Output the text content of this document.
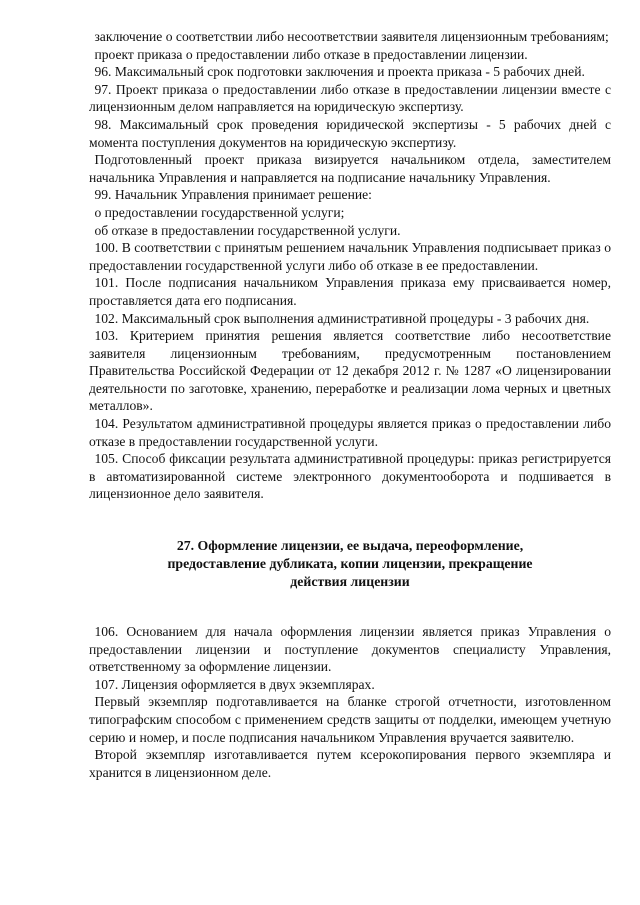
заключение о соответствии либо несоответствии заявителя лицензионным требованиям;

проект приказа о предоставлении либо отказе в предоставлении лицензии.

96. Максимальный срок подготовки заключения и проекта приказа - 5 рабочих дней.

97. Проект приказа о предоставлении либо отказе в предоставлении лицензии вместе с лицензионным делом направляется на юридическую экспертизу.

98. Максимальный срок проведения юридической экспертизы - 5 рабочих дней с момента поступления документов на юридическую экспертизу.

Подготовленный проект приказа визируется начальником отдела, заместителем начальника Управления и направляется на подписание начальнику Управления.

99. Начальник Управления принимает решение:

о предоставлении государственной услуги;

об отказе в предоставлении государственной услуги.

100. В соответствии с принятым решением начальник Управления подписывает приказ о предоставлении государственной услуги либо об отказе в ее предоставлении.

101. После подписания начальником Управления приказа ему присваивается номер, проставляется дата его подписания.

102. Максимальный срок выполнения административной процедуры - 3 рабочих дня.

103. Критерием принятия решения является соответствие либо несоответствие заявителя лицензионным требованиям, предусмотренным постановлением Правительства Российской Федерации от 12 декабря 2012 г. № 1287 «О лицензировании деятельности по заготовке, хранению, переработке и реализации лома черных и цветных металлов».

104. Результатом административной процедуры является приказ о предоставлении либо отказе в предоставлении государственной услуги.

105. Способ фиксации результата административной процедуры: приказ регистрируется в автоматизированной системе электронного документооборота и подшивается в лицензионное дело заявителя.

27. Оформление лицензии, ее выдача, переоформление,
предоставление дубликата, копии лицензии, прекращение
действия лицензии

106. Основанием для начала оформления лицензии является приказ Управления о предоставлении лицензии и поступление документов специалисту Управления, ответственному за оформление лицензии.

107. Лицензия оформляется в двух экземплярах.

Первый экземпляр подготавливается на бланке строгой отчетности, изготовленном типографским способом с применением средств защиты от подделки, имеющем учетную серию и номер, и после подписания начальником Управления вручается заявителю.

Второй экземпляр изготавливается путем ксерокопирования первого экземпляра и хранится в лицензионном деле.
